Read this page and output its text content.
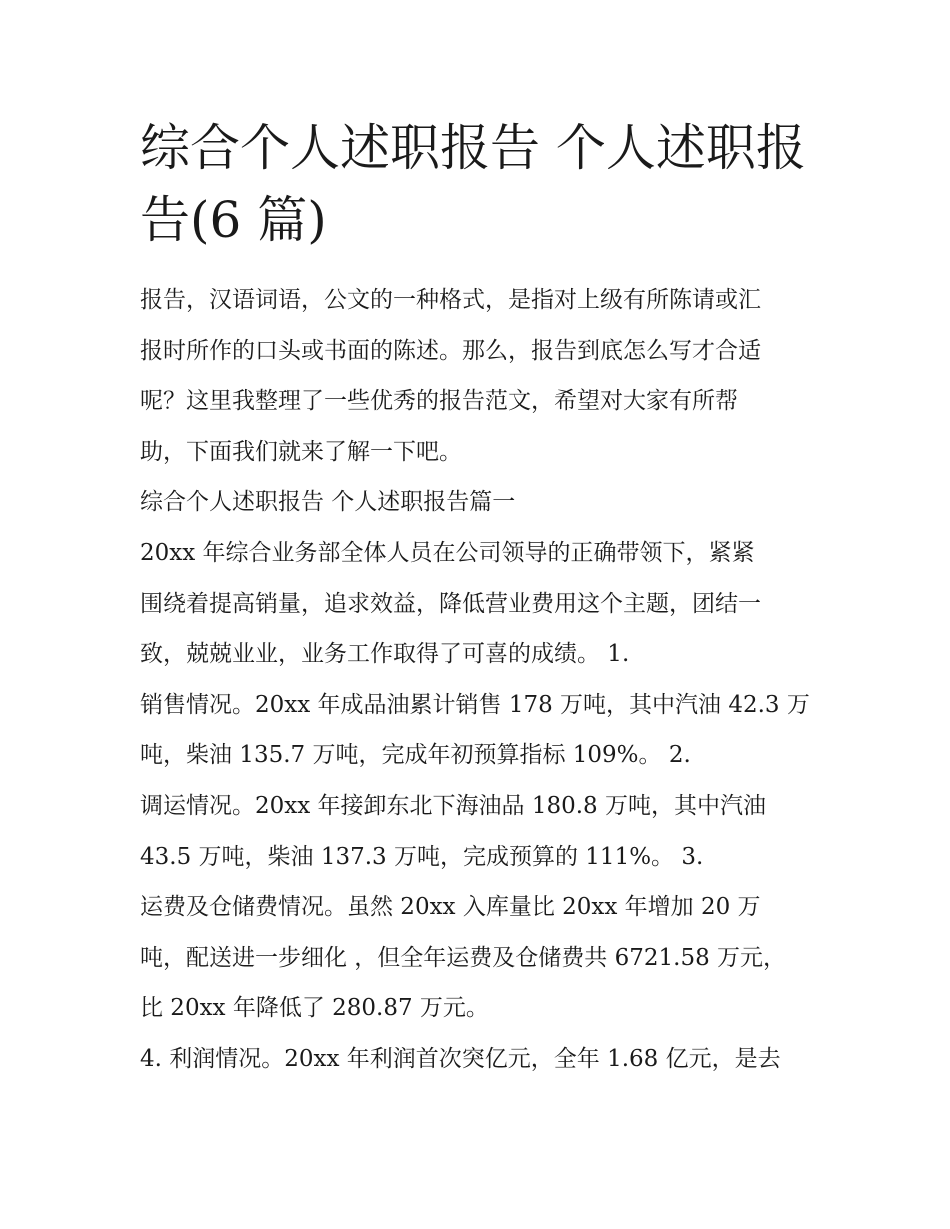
综合个人述职报告 个人述职报
告(6 篇)
报告，汉语词语，公文的一种格式，是指对上级有所陈请或汇
报时所作的口头或书面的陈述。那么，报告到底怎么写才合适
呢？这里我整理了一些优秀的报告范文，希望对大家有所帮
助，下面我们就来了解一下吧。
综合个人述职报告 个人述职报告篇一
20xx 年综合业务部全体人员在公司领导的正确带领下，紧紧
围绕着提高销量，追求效益，降低营业费用这个主题，团结一
致，兢兢业业，业务工作取得了可喜的成绩。 1.
销售情况。20xx 年成品油累计销售 178 万吨，其中汽油 42.3 万
吨，柴油 135.7 万吨，完成年初预算指标 109%。 2.
调运情况。20xx 年接卸东北下海油品 180.8 万吨，其中汽油
43.5 万吨，柴油 137.3 万吨，完成预算的 111%。 3.
运费及仓储费情况。虽然 20xx 入库量比 20xx 年增加 20 万
吨，配送进一步细化 ，但全年运费及仓储费共 6721.58 万元，
比 20xx 年降低了 280.87 万元。
4. 利润情况。20xx 年利润首次突亿元，全年 1.68 亿元，是去
